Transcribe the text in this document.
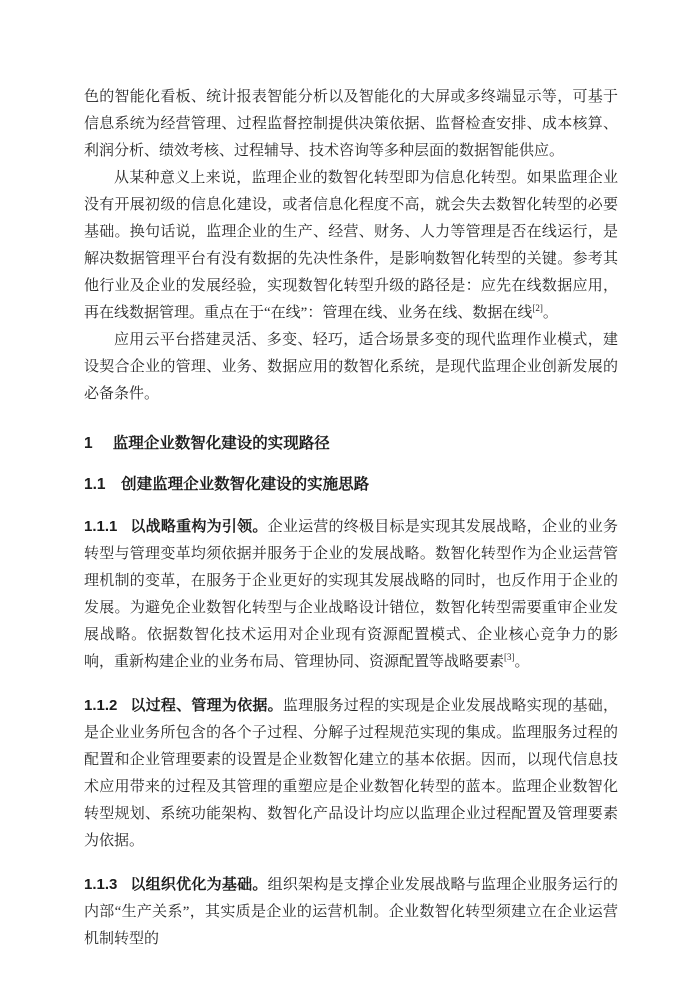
色的智能化看板、统计报表智能分析以及智能化的大屏或多终端显示等，可基于信息系统为经营管理、过程监督控制提供决策依据、监督检查安排、成本核算、利润分析、绩效考核、过程辅导、技术咨询等多种层面的数据智能供应。

从某种意义上来说，监理企业的数智化转型即为信息化转型。如果监理企业没有开展初级的信息化建设，或者信息化程度不高，就会失去数智化转型的必要基础。换句话说，监理企业的生产、经营、财务、人力等管理是否在线运行，是解决数据管理平台有没有数据的先决性条件，是影响数智化转型的关键。参考其他行业及企业的发展经验，实现数智化转型升级的路径是：应先在线数据应用，再在线数据管理。重点在于“在线”：管理在线、业务在线、数据在线[2]。

应用云平台搭建灵活、多变、轻巧，适合场景多变的现代监理作业模式，建设契合企业的管理、业务、数据应用的数智化系统，是现代监理企业创新发展的必备条件。

1 监理企业数智化建设的实现路径
1.1 创建监理企业数智化建设的实施思路

1.1.1 以战略重构为引领。企业运营的终极目标是实现其发展战略，企业的业务转型与管理变革均须依据并服务于企业的发展战略。数智化转型作为企业运营管理机制的变革，在服务于企业更好的实现其发展战略的同时，也反作用于企业的发展。为避免企业数智化转型与企业战略设计错位，数智化转型需要重审企业发展战略。依据数智化技术运用对企业现有资源配置模式、企业核心竞争力的影响，重新构建企业的业务布局、管理协同、资源配置等战略要素[3]。

1.1.2 以过程、管理为依据。监理服务过程的实现是企业发展战略实现的基础，是企业业务所包含的各个子过程、分解子过程规范实现的集成。监理服务过程的配置和企业管理要素的设置是企业数智化建立的基本依据。因而，以现代信息技术应用带来的过程及其管理的重塑应是企业数智化转型的蓝本。监理企业数智化转型规划、系统功能架构、数智化产品设计均应以监理企业过程配置及管理要素为依据。

1.1.3 以组织优化为基础。组织架构是支撑企业发展战略与监理企业服务运行的内部“生产关系”，其实质是企业的运营机制。企业数智化转型须建立在企业运营机制转型的
